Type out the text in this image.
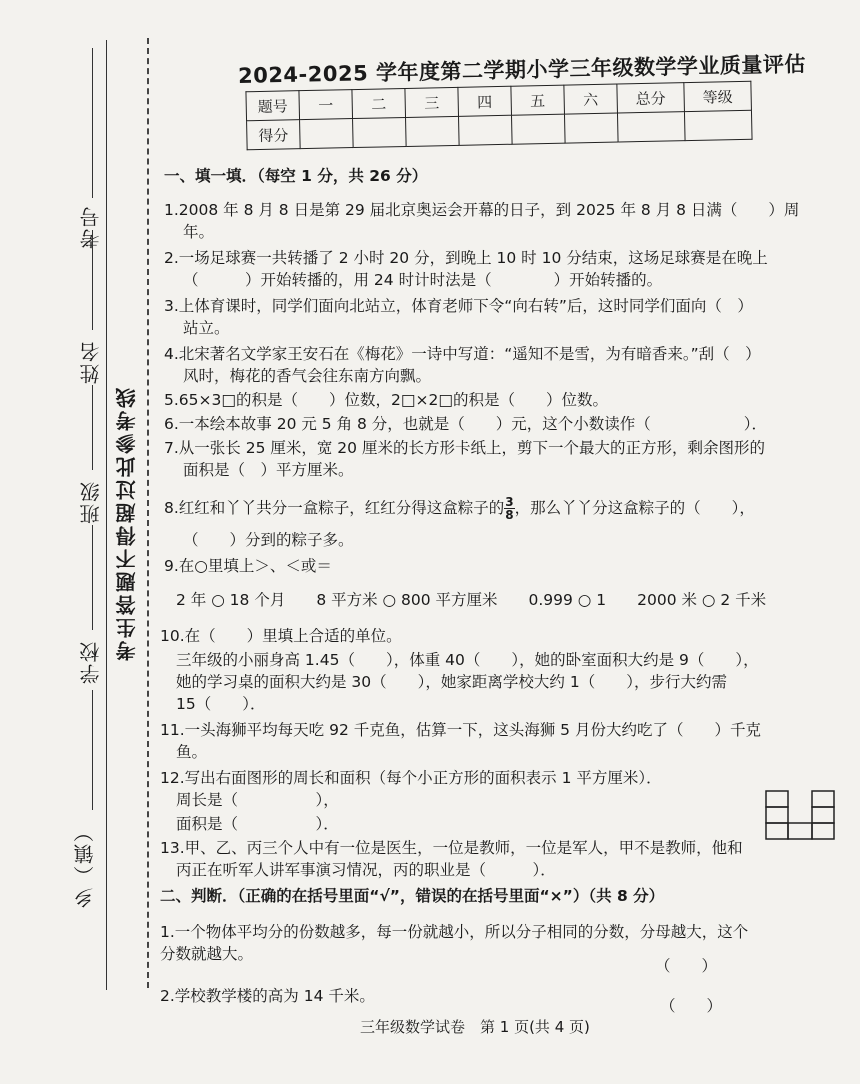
考号
姓名
班级
学校
乡（镇）
考生答题不得超过此参考线
2024-2025 学年度第二学期小学三年级数学学业质量评估
题号	一	二	三	四	五	六	总分	等级
得分								
一、填一填．（每空 1 分，共 26 分）
1.2008 年 8 月 8 日是第 29 届北京奥运会开幕的日子，到 2025 年 8 月 8 日满（　　）周
年。
2.一场足球赛一共转播了 2 小时 20 分，到晚上 10 时 10 分结束，这场足球赛是在晚上
（　　　）开始转播的，用 24 时计时法是（　　　　）开始转播的。
3.上体育课时，同学们面向北站立，体育老师下令“向右转”后，这时同学们面向（　）
站立。
4.北宋著名文学家王安石在《梅花》一诗中写道：“遥知不是雪，为有暗香来。”刮（　）
风时，梅花的香气会往东南方向飘。
5.65×3□的积是（　　）位数，2□×2□的积是（　　）位数。
6.一本绘本故事 20 元 5 角 8 分，也就是（　　）元，这个小数读作（　　　　　　）．
7.从一张长 25 厘米，宽 20 厘米的长方形卡纸上，剪下一个最大的正方形，剩余图形的
面积是（　）平方厘米。
8.红红和丫丫共分一盒粽子，红红分得这盒粽子的 $\frac{3}{8}$ ，那么丫丫分这盒粽子的（　　），
（　　）分到的粽子多。
9.在○里填上＞、＜或＝
2 年 ○ 18 个月　　8 平方米 ○ 800 平方厘米　　0.999 ○ 1　　2000 米 ○ 2 千米
10.在（　　）里填上合适的单位。
三年级的小丽身高 1.45（　　），体重 40（　　），她的卧室面积大约是 9（　　），
她的学习桌的面积大约是 30（　　），她家距离学校大约 1（　　），步行大约需
15（　　）．
11.一头海狮平均每天吃 92 千克鱼，估算一下，这头海狮 5 月份大约吃了（　　）千克
鱼。
12.写出右面图形的周长和面积（每个小正方形的面积表示 1 平方厘米）．
周长是（　　　　　），
面积是（　　　　　）．
13.甲、乙、丙三个人中有一位是医生，一位是教师，一位是军人，甲不是教师，他和
丙正在听军人讲军事演习情况，丙的职业是（　　　）．
二、判断．（正确的在括号里面“√”，错误的在括号里面“×”）（共 8 分）
1.一个物体平均分的份数越多，每一份就越小，所以分子相同的分数，分母越大，这个
分数就越大。
（　　）
2.学校教学楼的高为 14 千米。
（　　）
三年级数学试卷　第 1 页(共 4 页)
